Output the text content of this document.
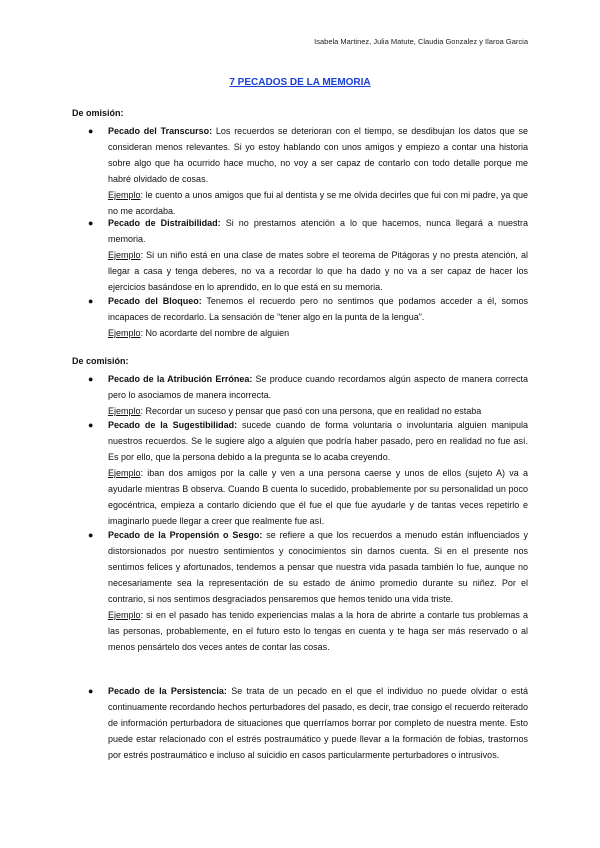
Isabela Martinez, Julia Matute, Claudia Gonzalez y Ilaroa Garcia
7 PECADOS DE LA MEMORIA
De omisión:
● Pecado del Transcurso: Los recuerdos se deterioran con el tiempo, se desdibujan los datos que se consideran menos relevantes. Si yo estoy hablando con unos amigos y empiezo a contar una historia sobre algo que ha ocurrido hace mucho, no voy a ser capaz de contarlo con todo detalle porque me habré olvidado de cosas.
Ejemplo: le cuento a unos amigos que fui al dentista y se me olvida decirles que fui con mi padre, ya que no me acordaba.
● Pecado de Distraibilidad: Si no prestamos atención a lo que hacemos, nunca llegará a nuestra memoria.
Ejemplo: Si un niño está en una clase de mates sobre el teorema de Pitágoras y no presta atención, al llegar a casa y tenga deberes, no va a recordar lo que ha dado y no va a ser capaz de hacer los ejercicios basándose en lo aprendido, en lo que está en su memoria.
● Pecado del Bloqueo: Tenemos el recuerdo pero no sentimos que podamos acceder a él, somos incapaces de recordarlo. La sensación de “tener algo en la punta de la lengua”.
Ejemplo: No acordarte del nombre de alguien
De comisión:
● Pecado de la Atribución Errónea: Se produce cuando recordamos algún aspecto de manera correcta pero lo asociamos de manera incorrecta.
Ejemplo: Recordar un suceso y pensar que pasó con una persona, que en realidad no estaba
● Pecado de la Sugestibilidad: sucede cuando de forma voluntaria o involuntaria alguien manipula nuestros recuerdos. Se le sugiere algo a alguien que podría haber pasado, pero en realidad no fue así. Es por ello, que la persona debido a la pregunta se lo acaba creyendo.
Ejemplo: iban dos amigos por la calle y ven a una persona caerse y unos de ellos (sujeto A) va a ayudarle mientras B observa. Cuando B cuenta lo sucedido, probablemente por su personalidad un poco egocéntrica, empieza a contarlo diciendo que él fue el que fue ayudarle y de tantas veces repetirlo e imaginarlo puede llegar a creer que realmente fue así.
● Pecado de la Propensión o Sesgo: se refiere a que los recuerdos a menudo están influenciados y distorsionados por nuestro sentimientos y conocimientos sin darnos cuenta. Si en el presente nos sentimos felices y afortunados, tendemos a pensar que nuestra vida pasada también lo fue, aunque no necesariamente sea la representación de su estado de ánimo promedio durante su niñez. Por el contrario, si nos sentimos desgraciados pensaremos que hemos tenido una vida triste.
Ejemplo: si en el pasado has tenido experiencias malas a la hora de abrirte a contarle tus problemas a las personas, probablemente, en el futuro esto lo tengas en cuenta y te haga ser más reservado o al menos pensártelo dos veces antes de contar las cosas.
● Pecado de la Persistencia: Se trata de un pecado en el que el individuo no puede olvidar o está continuamente recordando hechos perturbadores del pasado, es decir, trae consigo el recuerdo reiterado de información perturbadora de situaciones que querríamos borrar por completo de nuestra mente. Esto puede estar relacionado con el estrés postraumático y puede llevar a la formación de fobias, trastornos por estrés postraumático e incluso al suicidio en casos particularmente perturbadores o intrusivos.
